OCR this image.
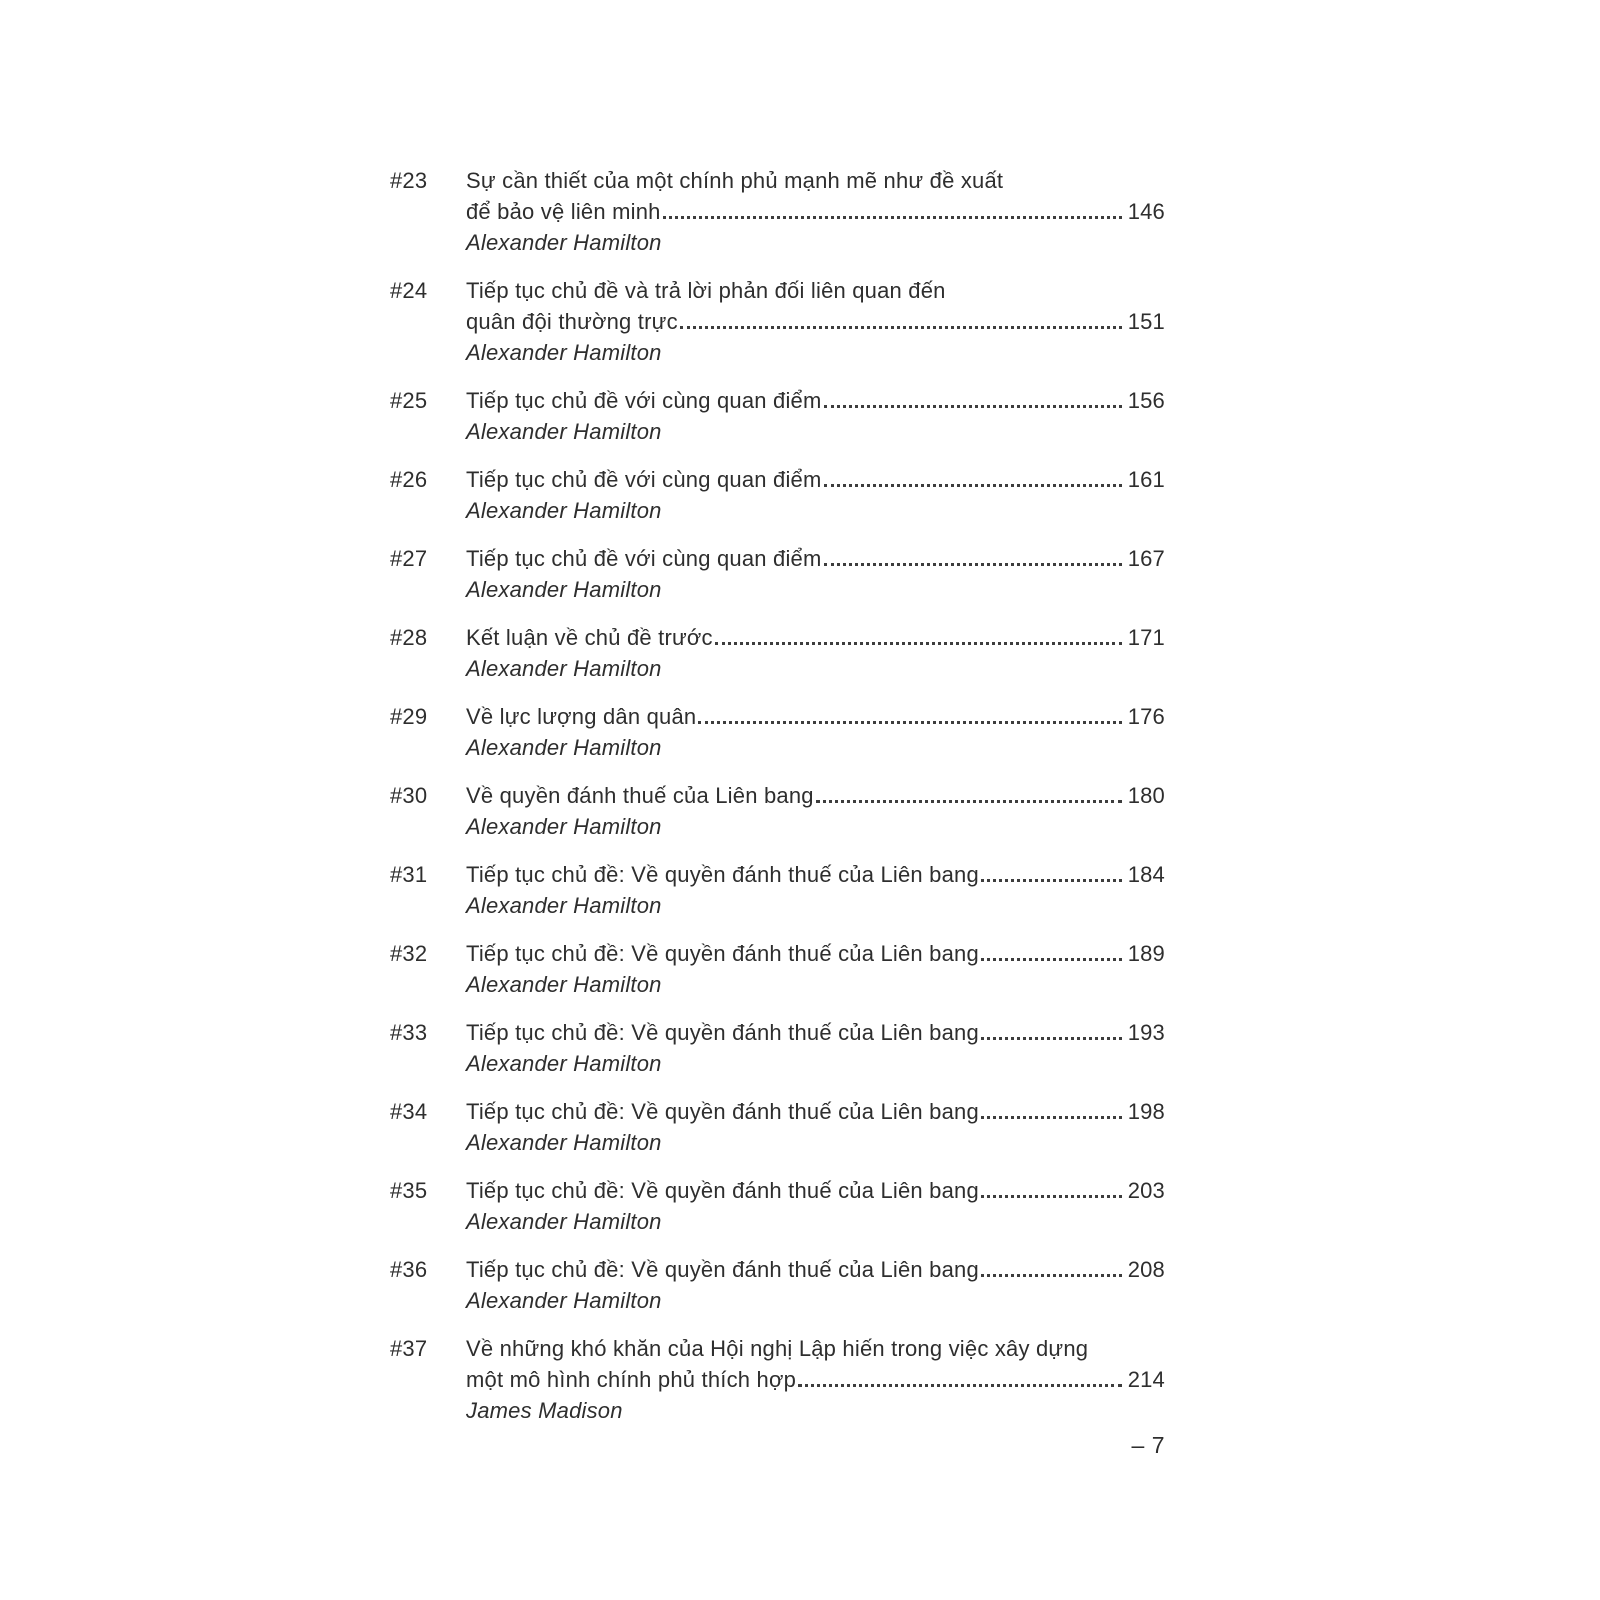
#23	Sự cần thiết của một chính phủ mạnh mẽ như đề xuất
để bảo vệ liên minh	146
Alexander Hamilton
#24	Tiếp tục chủ đề và trả lời phản đối liên quan đến
quân đội thường trực	151
Alexander Hamilton
#25	Tiếp tục chủ đề với cùng quan điểm	156
Alexander Hamilton
#26	Tiếp tục chủ đề với cùng quan điểm	161
Alexander Hamilton
#27	Tiếp tục chủ đề với cùng quan điểm	167
Alexander Hamilton
#28	Kết luận về chủ đề trước	171
Alexander Hamilton
#29	Về lực lượng dân quân	176
Alexander Hamilton
#30	Về quyền đánh thuế của Liên bang	180
Alexander Hamilton
#31	Tiếp tục chủ đề: Về quyền đánh thuế của Liên bang	184
Alexander Hamilton
#32	Tiếp tục chủ đề: Về quyền đánh thuế của Liên bang	189
Alexander Hamilton
#33	Tiếp tục chủ đề: Về quyền đánh thuế của Liên bang	193
Alexander Hamilton
#34	Tiếp tục chủ đề: Về quyền đánh thuế của Liên bang	198
Alexander Hamilton
#35	Tiếp tục chủ đề: Về quyền đánh thuế của Liên bang	203
Alexander Hamilton
#36	Tiếp tục chủ đề: Về quyền đánh thuế của Liên bang	208
Alexander Hamilton
#37	Về những khó khăn của Hội nghị Lập hiến trong việc xây dựng
một mô hình chính phủ thích hợp	214
James Madison
– 7
